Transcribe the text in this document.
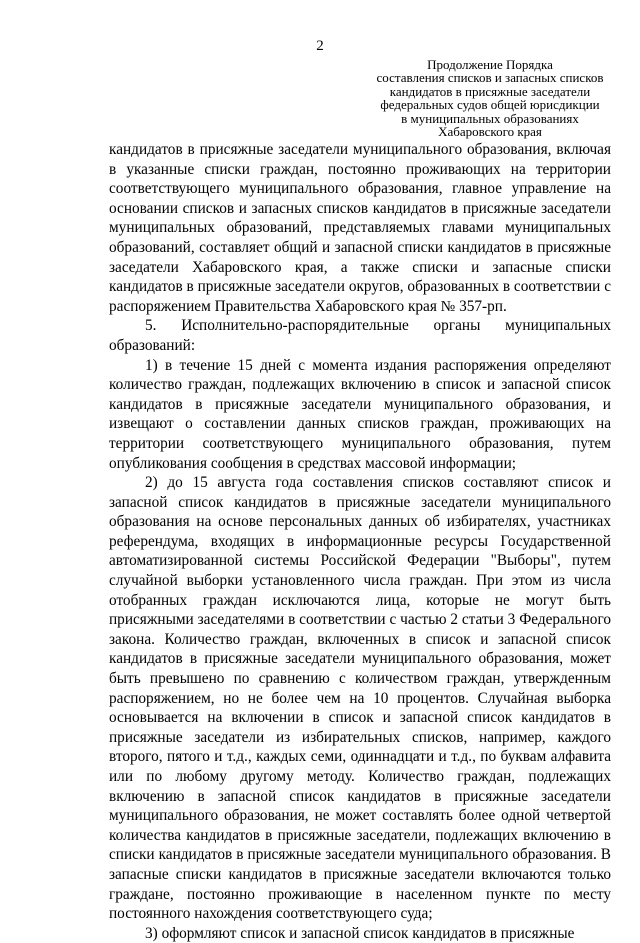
2
Продолжение Порядка
составления списков и запасных списков
кандидатов в присяжные заседатели
федеральных судов общей юрисдикции
в муниципальных образованиях
Хабаровского края

кандидатов в присяжные заседатели муниципального образования, включая в указанные списки граждан, постоянно проживающих на территории соответствующего муниципального образования, главное управление на основании списков и запасных списков кандидатов в присяжные заседатели муниципальных образований, представляемых главами муниципальных образований, составляет общий и запасной списки кандидатов в присяжные заседатели Хабаровского края, а также списки и запасные списки кандидатов в присяжные заседатели округов, образованных в соответствии с распоряжением Правительства Хабаровского края № 357-рп.

5. Исполнительно-распорядительные органы муниципальных образований:

1) в течение 15 дней с момента издания распоряжения определяют количество граждан, подлежащих включению в список и запасной список кандидатов в присяжные заседатели муниципального образования, и извещают о составлении данных списков граждан, проживающих на территории соответствующего муниципального образования, путем опубликования сообщения в средствах массовой информации;

2) до 15 августа года составления списков составляют список и запасной список кандидатов в присяжные заседатели муниципального образования на основе персональных данных об избирателях, участниках референдума, входящих в информационные ресурсы Государственной автоматизированной системы Российской Федерации "Выборы", путем случайной выборки установленного числа граждан. При этом из числа отобранных граждан исключаются лица, которые не могут быть присяжными заседателями в соответствии с частью 2 статьи 3 Федерального закона. Количество граждан, включенных в список и запасной список кандидатов в присяжные заседатели муниципального образования, может быть превышено по сравнению с количеством граждан, утвержденным распоряжением, но не более чем на 10 процентов. Случайная выборка основывается на включении в список и запасной список кандидатов в присяжные заседатели из избирательных списков, например, каждого второго, пятого и т.д., каждых семи, одиннадцати и т.д., по буквам алфавита или по любому другому методу. Количество граждан, подлежащих включению в запасной список кандидатов в присяжные заседатели муниципального образования, не может составлять более одной четвертой количества кандидатов в присяжные заседатели, подлежащих включению в списки кандидатов в присяжные заседатели муниципального образования. В запасные списки кандидатов в присяжные заседатели включаются только граждане, постоянно проживающие в населенном пункте по месту постоянного нахождения соответствующего суда;

3) оформляют список и запасной список кандидатов в присяжные
